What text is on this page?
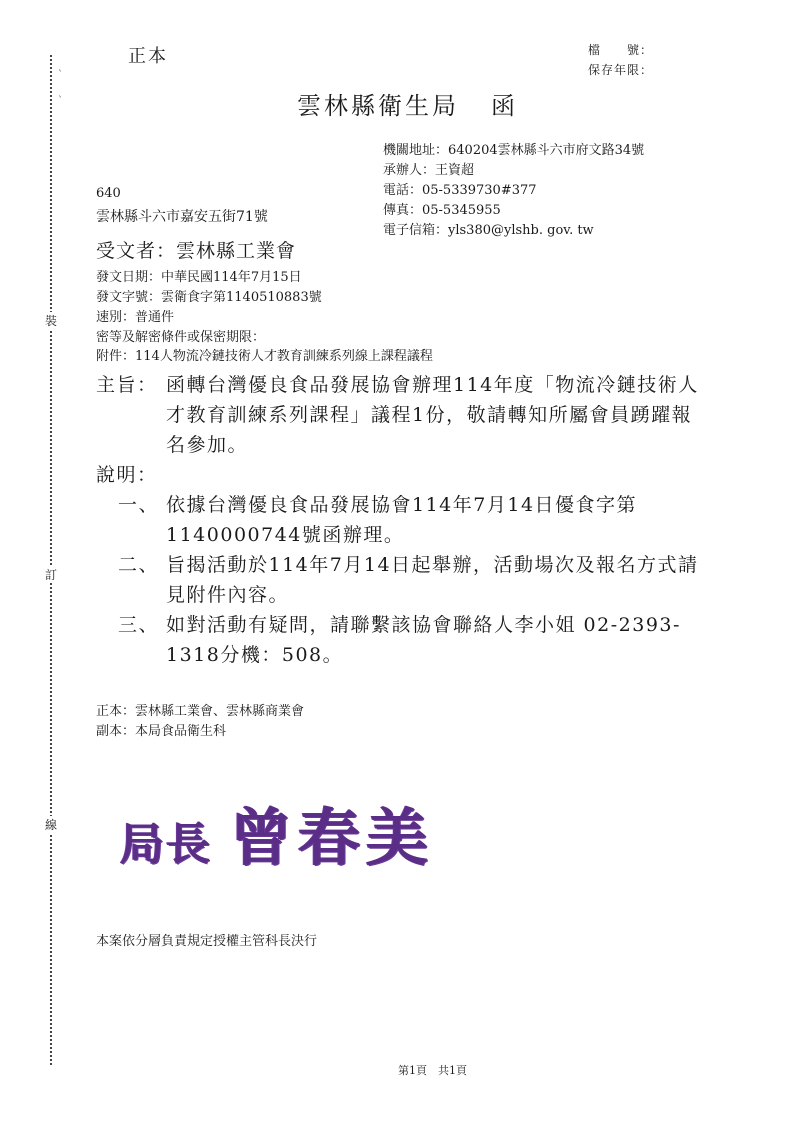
ˋ
ˋ
裝
訂
線
正本	檔　　號：
保存年限：
雲林縣衛生局 函
機關地址：640204雲林縣斗六市府文路34號
承辦人：王資超
電話：05-5339730#377
傳真：05-5345955
電子信箱：yls380@ylshb. gov. tw
640
雲林縣斗六市嘉安五街71號
受文者：雲林縣工業會
發文日期：中華民國114年7月15日
發文字號：雲衛食字第1140510883號
速別：普通件
密等及解密條件或保密期限：
附件：114人物流冷鏈技術人才教育訓練系列線上課程議程
主旨： 函轉台灣優良食品發展協會辦理114年度「物流冷鏈技術人
才教育訓練系列課程」議程1份，敬請轉知所屬會員踴躍報
名參加。
說明：
一、 依據台灣優良食品發展協會114年7月14日優食字第
1140000744號函辦理。
二、 旨揭活動於114年7月14日起舉辦，活動場次及報名方式請
見附件內容。
三、 如對活動有疑問，請聯繫該協會聯絡人李小姐 02-2393-
1318分機：508。
正本：雲林縣工業會、雲林縣商業會
副本：本局食品衛生科
局長 曾春美
本案依分層負責規定授權主管科長決行
第1頁　共1頁
